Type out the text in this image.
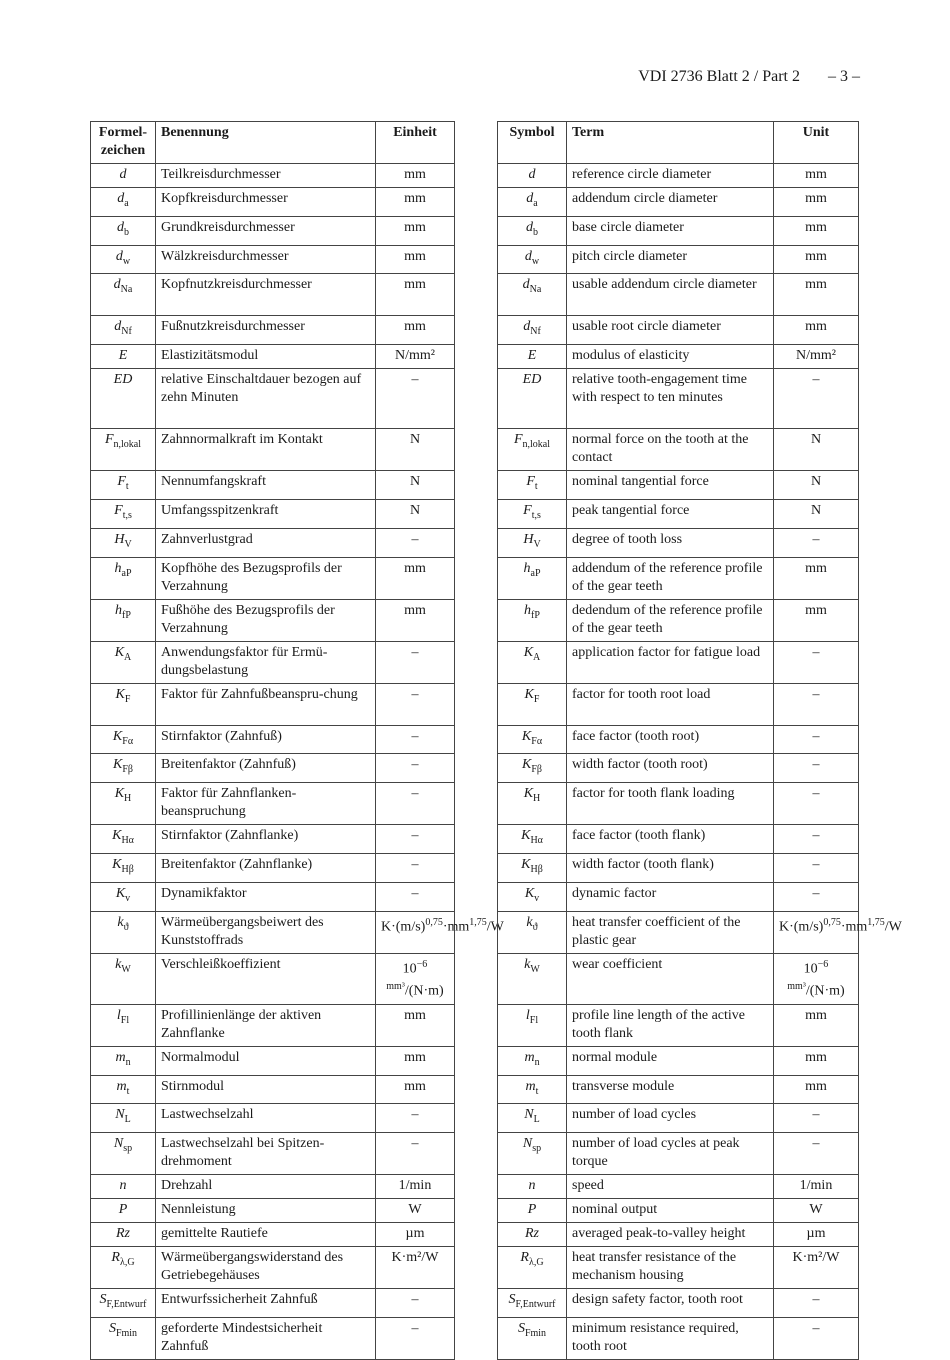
VDI 2736 Blatt 2 / Part 2 – 3 –
Formel-zeichen	Benennung	Einheit
d	Teilkreisdurchmesser	mm
$d_a$	Kopfkreisdurchmesser	mm
$d_b$	Grundkreisdurchmesser	mm
$d_w$	Wälzkreisdurchmesser	mm
$d_{Na}$	Kopfnutzkreisdurchmesser	mm
$d_{Nf}$	Fußnutzkreisdurchmesser	mm
E	Elastizitätsmodul	N/mm²
ED	relative Einschaltdauer bezogen auf zehn Minuten	–
$F_{n,lokal}$	Zahnnormalkraft im Kontakt	N
$F_t$	Nennumfangskraft	N
$F_{t,s}$	Umfangsspitzenkraft	N
$H_V$	Zahnverlustgrad	–
$h_{aP}$	Kopfhöhe des Bezugsprofils der Verzahnung	mm
$h_{fP}$	Fußhöhe des Bezugsprofils der Verzahnung	mm
$K_A$	Anwendungsfaktor für Ermü-dungsbelastung	–
$K_F$	Faktor für Zahnfußbeanspru-chung	–
$K_{F\alpha}$	Stirnfaktor (Zahnfuß)	–
$K_{F\beta}$	Breitenfaktor (Zahnfuß)	–
$K_H$	Faktor für Zahnflanken-beanspruchung	–
$K_{H\alpha}$	Stirnfaktor (Zahnflanke)	–
$K_{H\beta}$	Breitenfaktor (Zahnflanke)	–
$K_v$	Dynamikfaktor	–
$k_ϑ$	Wärmeübergangsbeiwert des Kunststoffrads	$K\cdot(m/s)^{0,75}\cdot mm^{1,75}/W$
$k_W$	Verschleißkoeffizient	$10^{-6 mm^3}/(N\cdot m)$
$l_{Fl}$	Profillinienlänge der aktiven Zahnflanke	mm
$m_n$	Normalmodul	mm
$m_t$	Stirnmodul	mm
$N_L$	Lastwechselzahl	–
$N_{sp}$	Lastwechselzahl bei Spitzen-drehmoment	–
n	Drehzahl	1/min
P	Nennleistung	W
Rz	gemittelte Rautiefe	µm
$R_{\lambda,G}$	Wärmeübergangswiderstand des Getriebegehäuses	K·m²/W
$S_{F,Entwurf}$	Entwurfssicherheit Zahnfuß	–
$S_{Fmin}$	geforderte Mindestsicherheit Zahnfuß	–
Symbol	Term	Unit
d	reference circle diameter	mm
$d_a$	addendum circle diameter	mm
$d_b$	base circle diameter	mm
$d_w$	pitch circle diameter	mm
$d_{Na}$	usable addendum circle diameter	mm
$d_{Nf}$	usable root circle diameter	mm
E	modulus of elasticity	N/mm²
ED	relative tooth-engagement time with respect to ten minutes	–
$F_{n,lokal}$	normal force on the tooth at the contact	N
$F_t$	nominal tangential force	N
$F_{t,s}$	peak tangential force	N
$H_V$	degree of tooth loss	–
$h_{aP}$	addendum of the reference profile of the gear teeth	mm
$h_{fP}$	dedendum of the reference profile of the gear teeth	mm
$K_A$	application factor for fatigue load	–
$K_F$	factor for tooth root load	–
$K_{F\alpha}$	face factor (tooth root)	–
$K_{F\beta}$	width factor (tooth root)	–
$K_H$	factor for tooth flank loading	–
$K_{H\alpha}$	face factor (tooth flank)	–
$K_{H\beta}$	width factor (tooth flank)	–
$K_v$	dynamic factor	–
$k_ϑ$	heat transfer coefficient of the plastic gear	$K\cdot(m/s)^{0,75}\cdot mm^{1,75}/W$
$k_W$	wear coefficient	$10^{-6 mm^3}/(N\cdot m)$
$l_{Fl}$	profile line length of the active tooth flank	mm
$m_n$	normal module	mm
$m_t$	transverse module	mm
$N_L$	number of load cycles	–
$N_{sp}$	number of load cycles at peak torque	–
n	speed	1/min
P	nominal output	W
Rz	averaged peak-to-valley height	µm
$R_{\lambda,G}$	heat transfer resistance of the mechanism housing	K·m²/W
$S_{F,Entwurf}$	design safety factor, tooth root	–
$S_{Fmin}$	minimum resistance required, tooth root	–
